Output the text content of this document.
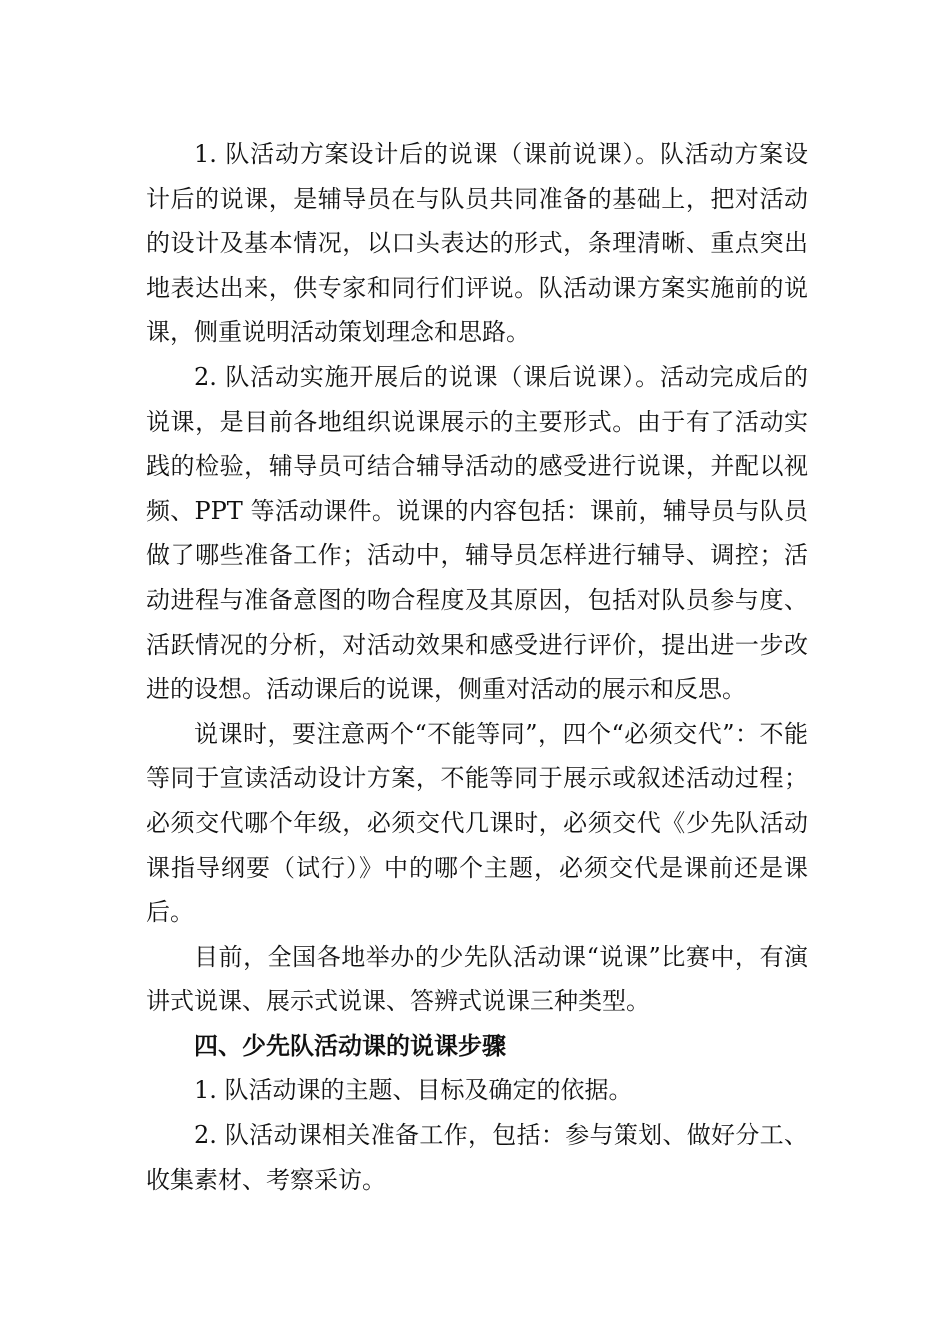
1. 队活动方案设计后的说课（课前说课）。队活动方案设计后的说课，是辅导员在与队员共同准备的基础上，把对活动的设计及基本情况，以口头表达的形式，条理清晰、重点突出地表达出来，供专家和同行们评说。队活动课方案实施前的说课，侧重说明活动策划理念和思路。

2. 队活动实施开展后的说课（课后说课）。活动完成后的说课，是目前各地组织说课展示的主要形式。由于有了活动实践的检验，辅导员可结合辅导活动的感受进行说课，并配以视频、PPT 等活动课件。说课的内容包括：课前，辅导员与队员做了哪些准备工作；活动中，辅导员怎样进行辅导、调控；活动进程与准备意图的吻合程度及其原因，包括对队员参与度、活跃情况的分析，对活动效果和感受进行评价，提出进一步改进的设想。活动课后的说课，侧重对活动的展示和反思。

说课时，要注意两个“不能等同”，四个“必须交代”：不能等同于宣读活动设计方案，不能等同于展示或叙述活动过程；必须交代哪个年级，必须交代几课时，必须交代《少先队活动课指导纲要（试行）》中的哪个主题，必须交代是课前还是课后。

目前，全国各地举办的少先队活动课“说课”比赛中，有演讲式说课、展示式说课、答辨式说课三种类型。

四、少先队活动课的说课步骤

1. 队活动课的主题、目标及确定的依据。

2. 队活动课相关准备工作，包括：参与策划、做好分工、收集素材、考察采访。
